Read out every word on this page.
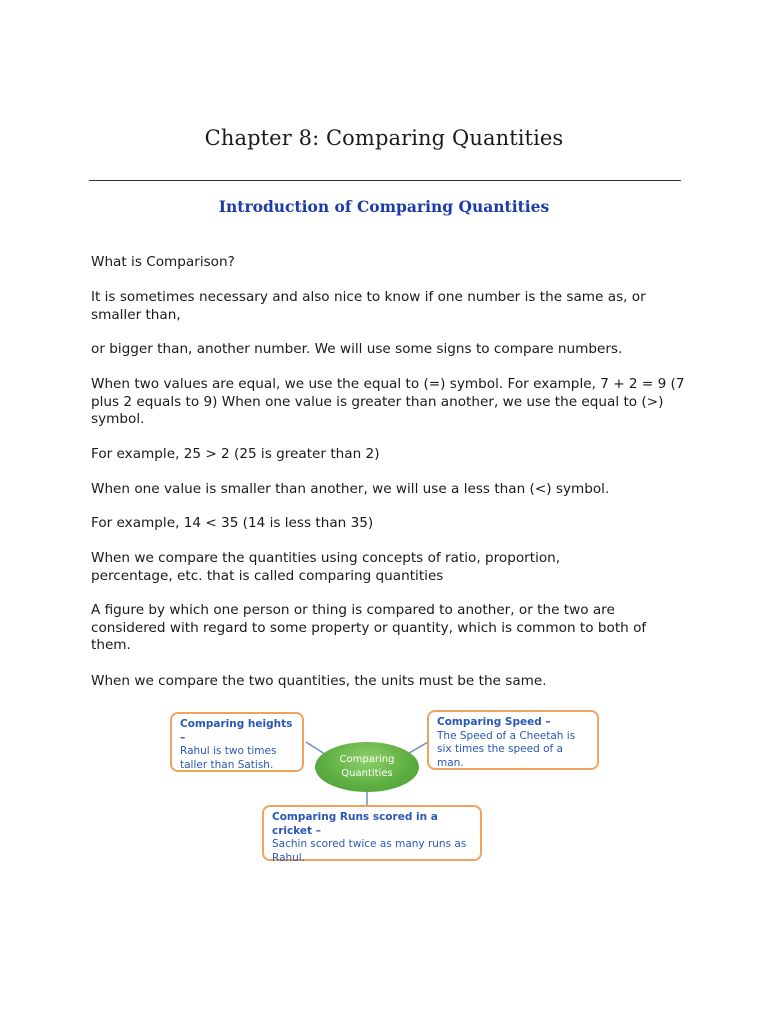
Chapter 8: Comparing Quantities
Introduction of Comparing Quantities

What is Comparison?

It is sometimes necessary and also nice to know if one number is the same as, or smaller than,

or bigger than, another number. We will use some signs to compare numbers.

When two values are equal, we use the equal to (=) symbol. For example, 7 + 2 = 9 (7 plus 2 equals to 9) When one value is greater than another, we use the equal to (>) symbol.

For example, 25 > 2 (25 is greater than 2)

When one value is smaller than another, we will use a less than (<) symbol.

For example, 14 < 35 (14 is less than 35)

When we compare the quantities using concepts of ratio, proportion, percentage, etc. that is called comparing quantities

A figure by which one person or thing is compared to another, or the two are considered with regard to some property or quantity, which is common to both of them.

When we compare the two quantities, the units must be the same.

Comparing heights –
Rahul is two times taller than Satish.	Comparing Quantities
Comparing Speed –
The Speed of a Cheetah is six times the speed of a man.
Comparing Runs scored in a cricket –
Sachin scored twice as many runs as Rahul.
